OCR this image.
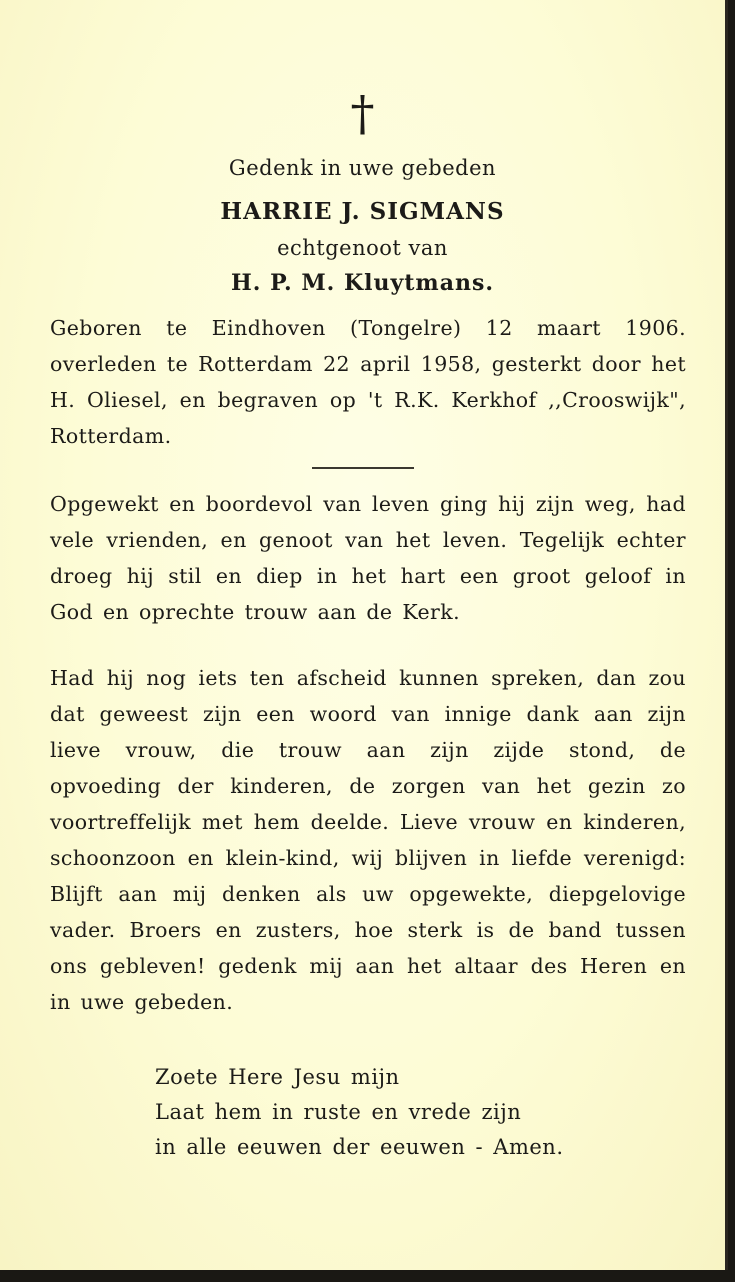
†
Gedenk in uwe gebeden
HARRIE J. SIGMANS
echtgenoot van
H. P. M. Kluytmans.
Geboren te Eindhoven (Tongelre) 12 maart 1906. overleden te Rotterdam 22 april 1958, gesterkt door het H. Oliesel, en begraven op 't R.K. Kerkhof ,,Crooswijk", Rotterdam.
Opgewekt en boordevol van leven ging hij zijn weg, had vele vrienden, en genoot van het leven. Tegelijk echter droeg hij stil en diep in het hart een groot geloof in God en oprechte trouw aan de Kerk.
Had hij nog iets ten afscheid kunnen spreken, dan zou dat geweest zijn een woord van innige dank aan zijn lieve vrouw, die trouw aan zijn zijde stond, de opvoeding der kinderen, de zorgen van het gezin zo voortreffelijk met hem deelde. Lieve vrouw en kinderen, schoonzoon en klein-kind, wij blijven in liefde verenigd: Blijft aan mij denken als uw opgewekte, diepgelovige vader. Broers en zusters, hoe sterk is de band tussen ons gebleven! gedenk mij aan het altaar des Heren en in uwe gebeden.
Zoete Here Jesu mijn
Laat hem in ruste en vrede zijn
in alle eeuwen der eeuwen - Amen.
